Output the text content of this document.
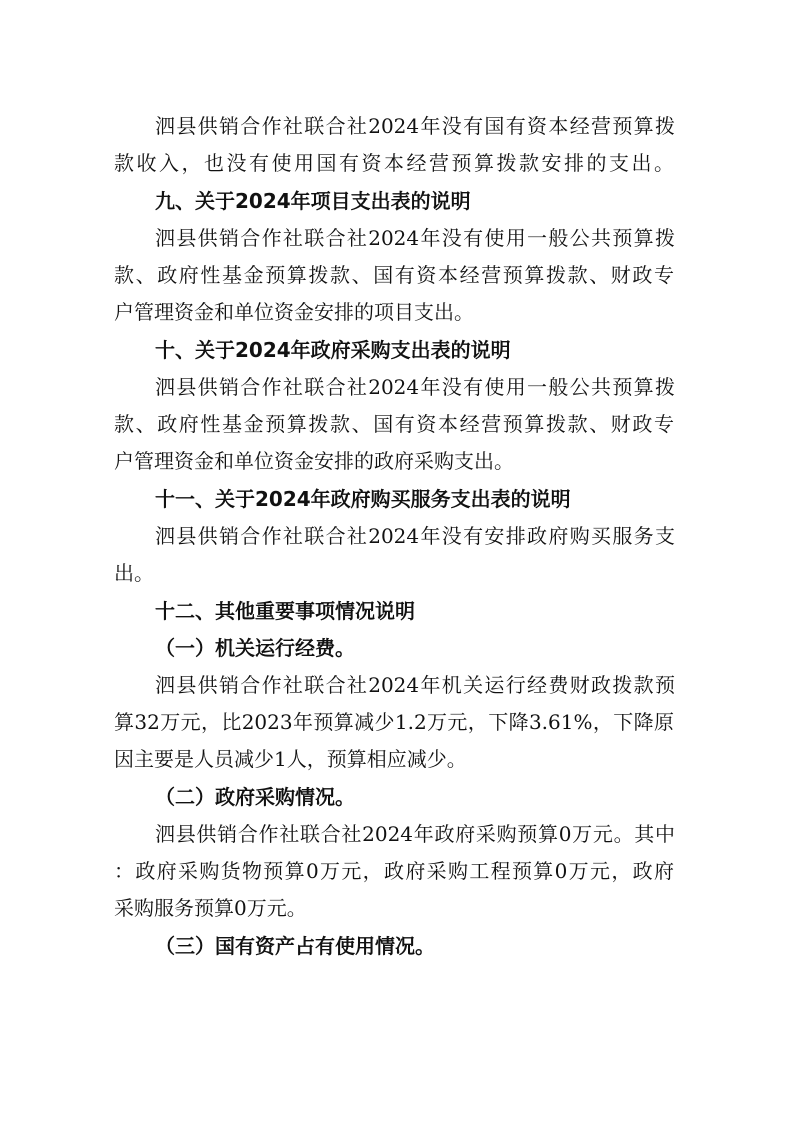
泗县供销合作社联合社2024年没有国有资本经营预算拨
款收入，也没有使用国有资本经营预算拨款安排的支出。
九、关于2024年项目支出表的说明
泗县供销合作社联合社2024年没有使用一般公共预算拨
款、政府性基金预算拨款、国有资本经营预算拨款、财政专
户管理资金和单位资金安排的项目支出。
十、关于2024年政府采购支出表的说明
泗县供销合作社联合社2024年没有使用一般公共预算拨
款、政府性基金预算拨款、国有资本经营预算拨款、财政专
户管理资金和单位资金安排的政府采购支出。
十一、关于2024年政府购买服务支出表的说明
泗县供销合作社联合社2024年没有安排政府购买服务支
出。
十二、其他重要事项情况说明
（一）机关运行经费。
泗县供销合作社联合社2024年机关运行经费财政拨款预
算32万元，比2023年预算减少1.2万元，下降3.61%，下降原
因主要是人员减少1人，预算相应减少。
（二）政府采购情况。
泗县供销合作社联合社2024年政府采购预算0万元。其中
：政府采购货物预算0万元，政府采购工程预算0万元，政府
采购服务预算0万元。
（三）国有资产占有使用情况。
